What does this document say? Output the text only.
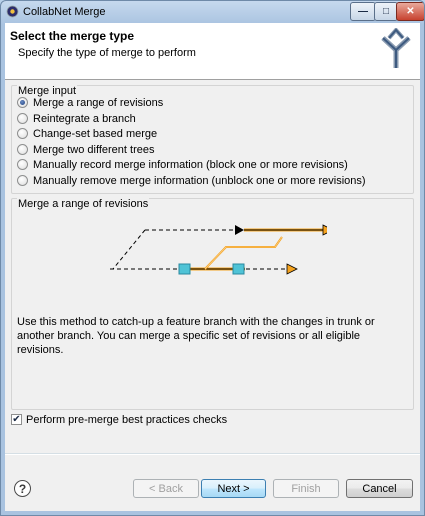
CollabNet Merge	— □ ✕
Select the merge type
Specify the type of merge to perform
Merge input
Merge a range of revisions
Reintegrate a branch
Change-set based merge
Merge two different trees
Manually record merge information (block one or more revisions)
Manually remove merge information (unblock one or more revisions)
Merge a range of revisions
Use this method to catch-up a feature branch with the changes in trunk or another branch. You can merge a specific set of revisions or all eligible revisions.
✔ Perform pre-merge best practices checks
?	< Back	Next >	Finish	Cancel
